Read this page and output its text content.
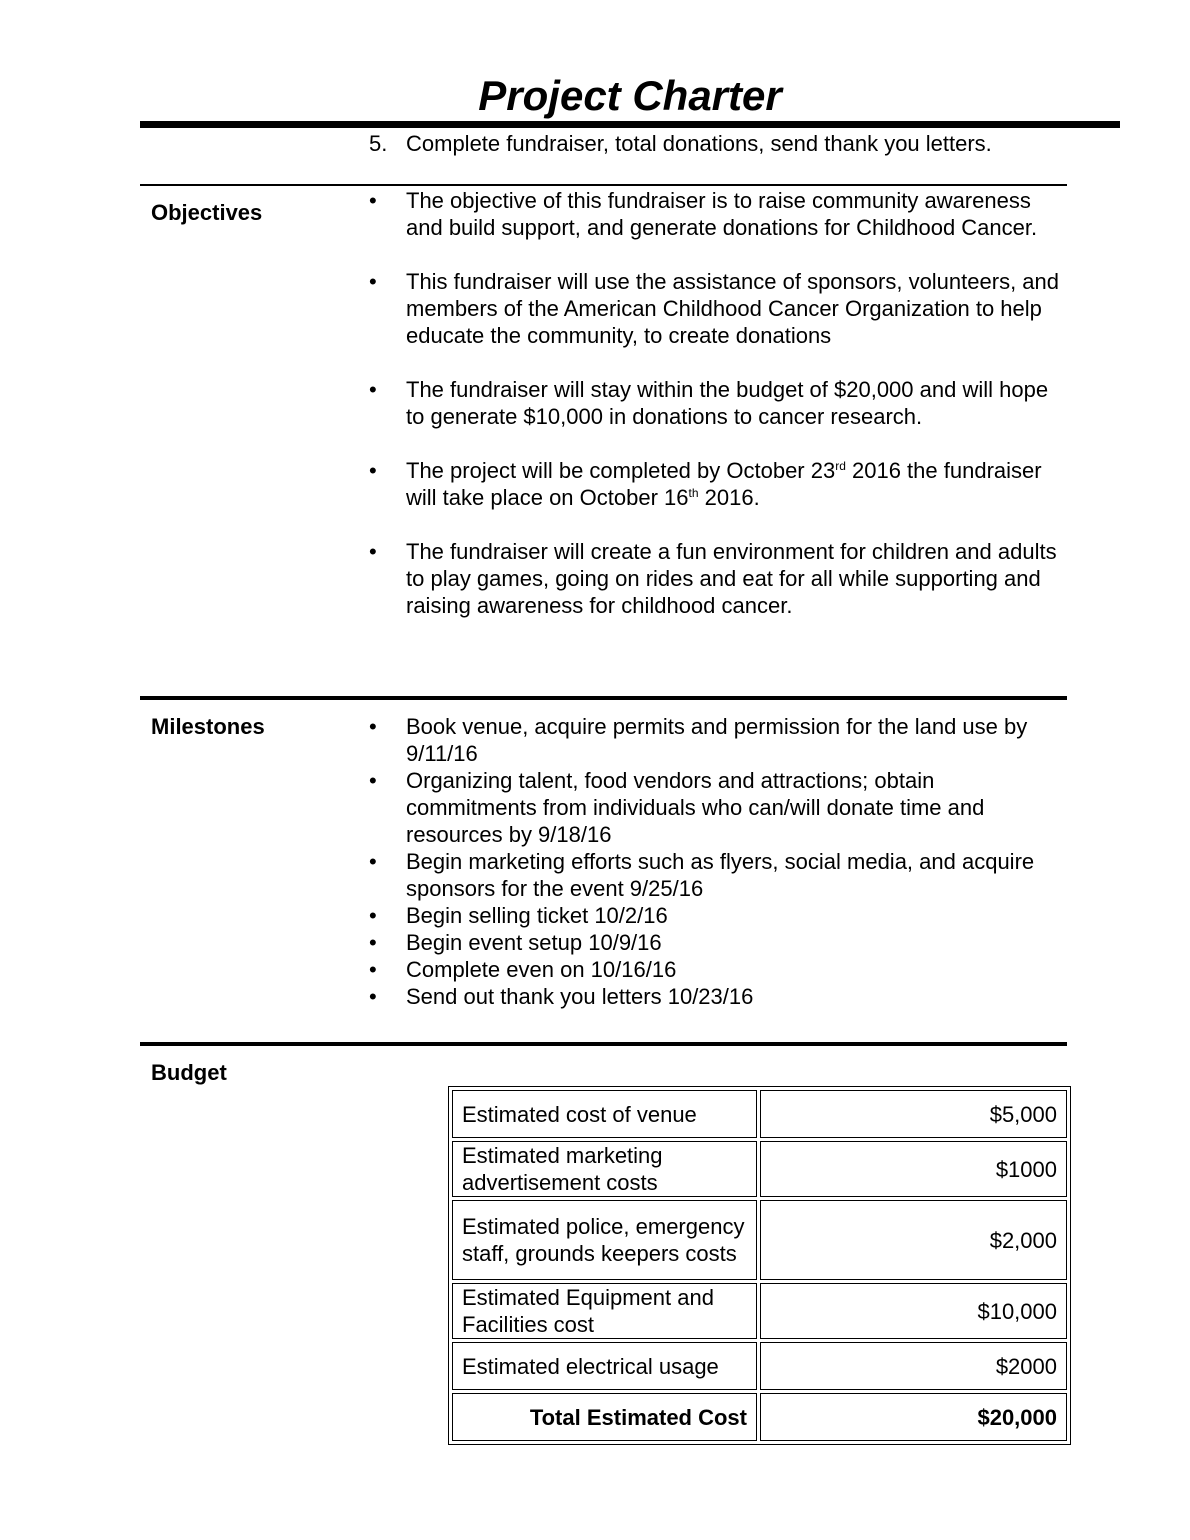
Project Charter
5. Complete fundraiser, total donations, send thank you letters.
Objectives	•	The objective of this fundraiser is to raise community awareness and build support, and generate donations for Childhood Cancer.
•	This fundraiser will use the assistance of sponsors, volunteers, and members of the American Childhood Cancer Organization to help educate the community, to create donations
•	The fundraiser will stay within the budget of $20,000 and will hope to generate $10,000 in donations to cancer research.
•	The project will be completed by October 23rd 2016 the fundraiser will take place on October 16th 2016.
•	The fundraiser will create a fun environment for children and adults to play games, going on rides and eat for all while supporting and raising awareness for childhood cancer.
Milestones	•	Book venue, acquire permits and permission for the land use by 9/11/16
•	Organizing talent, food vendors and attractions; obtain commitments from individuals who can/will donate time and resources by 9/18/16
•	Begin marketing efforts such as flyers, social media, and acquire sponsors for the event 9/25/16
•	Begin selling ticket 10/2/16
•	Begin event setup 10/9/16
•	Complete even on 10/16/16
•	Send out thank you letters 10/23/16
Budget
Estimated cost of venue	$5,000
Estimated marketing advertisement costs	$1000
Estimated police, emergency staff, grounds keepers costs	$2,000
Estimated Equipment and Facilities cost	$10,000
Estimated electrical usage	$2000
Total Estimated Cost	$20,000
